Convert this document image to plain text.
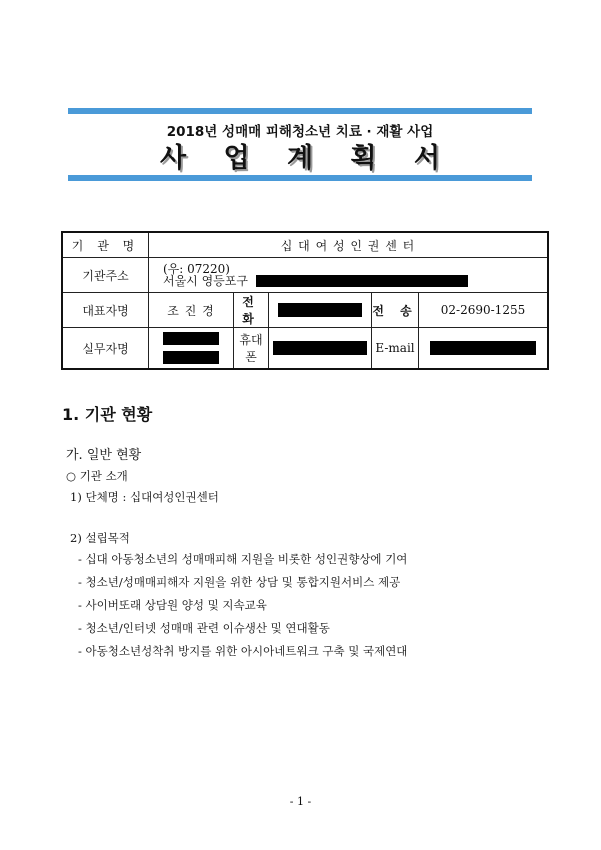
2018년 성매매 피해청소년 치료 · 재활 사업
사 업 계 획 서
기 관 명	십 대 여 성 인 권 센 터				
기관주소	(우: 07220)
서울시 영등포구				

대표자명	조 진 경	전 화		전 송	02-2690-1255
실무자명		휴대폰		E-mail	
1. 기관 현황
가. 일반 현황
○ 기관 소개
1) 단체명 : 십대여성인권센터
2) 설립목적
- 십대 아동청소년의 성매매피해 지원을 비롯한 성인권향상에 기여
- 청소년/성매매피해자 지원을 위한 상담 및 통합지원서비스 제공
- 사이버또래 상담원 양성 및 지속교육
- 청소년/인터넷 성매매 관련 이슈생산 및 연대활동
- 아동청소년성착취 방지를 위한 아시아네트워크 구축 및 국제연대
- 1 -
